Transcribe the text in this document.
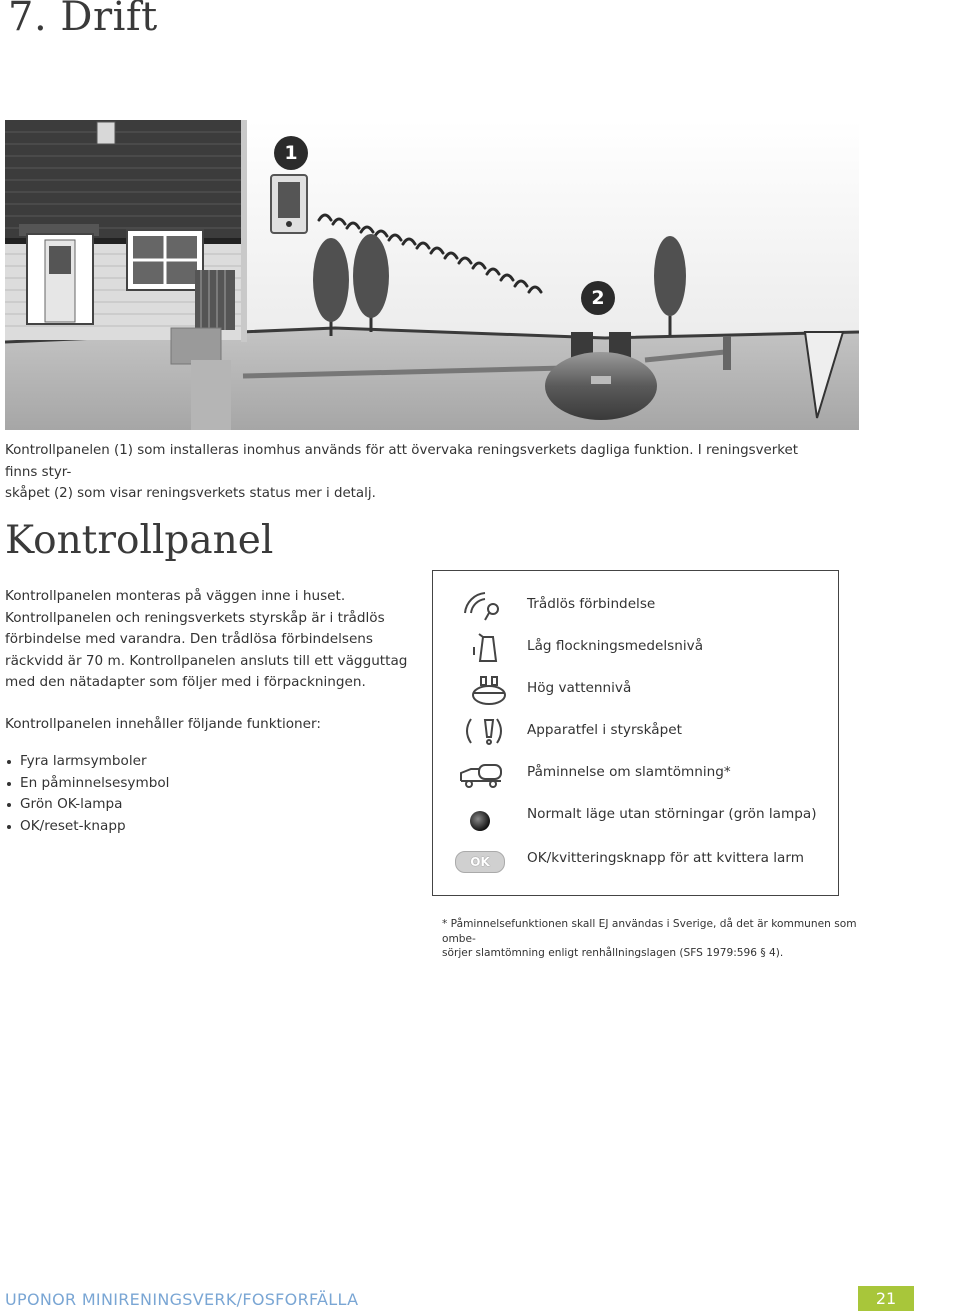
7. Drift
1
2
Kontrollpanelen (1) som installeras inomhus används för att övervaka reningsverkets dagliga funktion. I reningsverket finns styr-
skåpet (2) som visar reningsverkets status mer i detalj.
Kontrollpanel

Kontrollpanelen monteras på väggen inne i huset. Kontrollpanelen och reningsverkets styrskåp är i trådlös förbindelse med varandra. Den trådlösa förbindelsens räckvidd är 70 m. Kontrollpanelen ansluts till ett vägguttag med den nätadapter som följer med i förpackningen.

Kontrollpanelen innehåller följande funktioner:

Fyra larmsymboler
En påminnelsesymbol
Grön OK-lampa
OK/reset-knapp
Trådlös förbindelse
Låg flockningsmedelsnivå
Hög vattennivå
Apparatfel i styrskåpet
Påminnelse om slamtömning*
Normalt läge utan störningar (grön lampa)
OK	OK/kvitteringsknapp för att kvittera larm
* Påminnelsefunktionen skall EJ användas i Sverige, då det är kommunen som ombe-
sörjer slamtömning enligt renhållningslagen (SFS 1979:596 § 4).
UPONOR MINIRENINGSVERK/FOSFORFÄLLA	21
